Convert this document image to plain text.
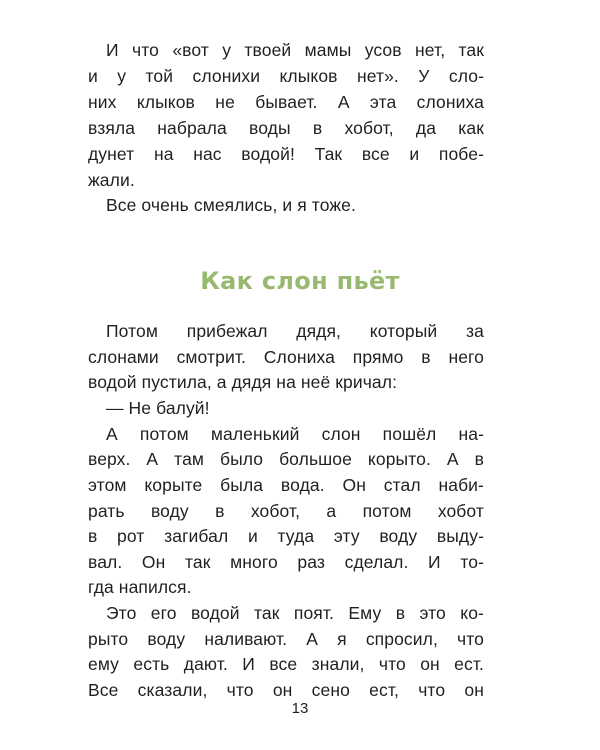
И что «вот у твоей мамы усов нет, так
и у той слонихи клыков нет». У сло-
них клыков не бывает. А эта слониха
взяла набрала воды в хобот, да как
дунет на нас водой! Так все и побе-
жали.
Все очень смеялись, и я тоже.
Как слон пьёт
Потом прибежал дядя, который за
слонами смотрит. Слониха прямо в него
водой пустила, а дядя на неё кричал:
— Не балуй!
А потом маленький слон пошёл на-
верх. А там было большое корыто. А в
этом корыте была вода. Он стал наби-
рать воду в хобот, а потом хобот
в рот загибал и туда эту воду выду-
вал. Он так много раз сделал. И то-
гда напился.
Это его водой так поят. Ему в это ко-
рыто воду наливают. А я спросил, что
ему есть дают. И все знали, что он ест.
Все сказали, что он сено ест, что он
13
